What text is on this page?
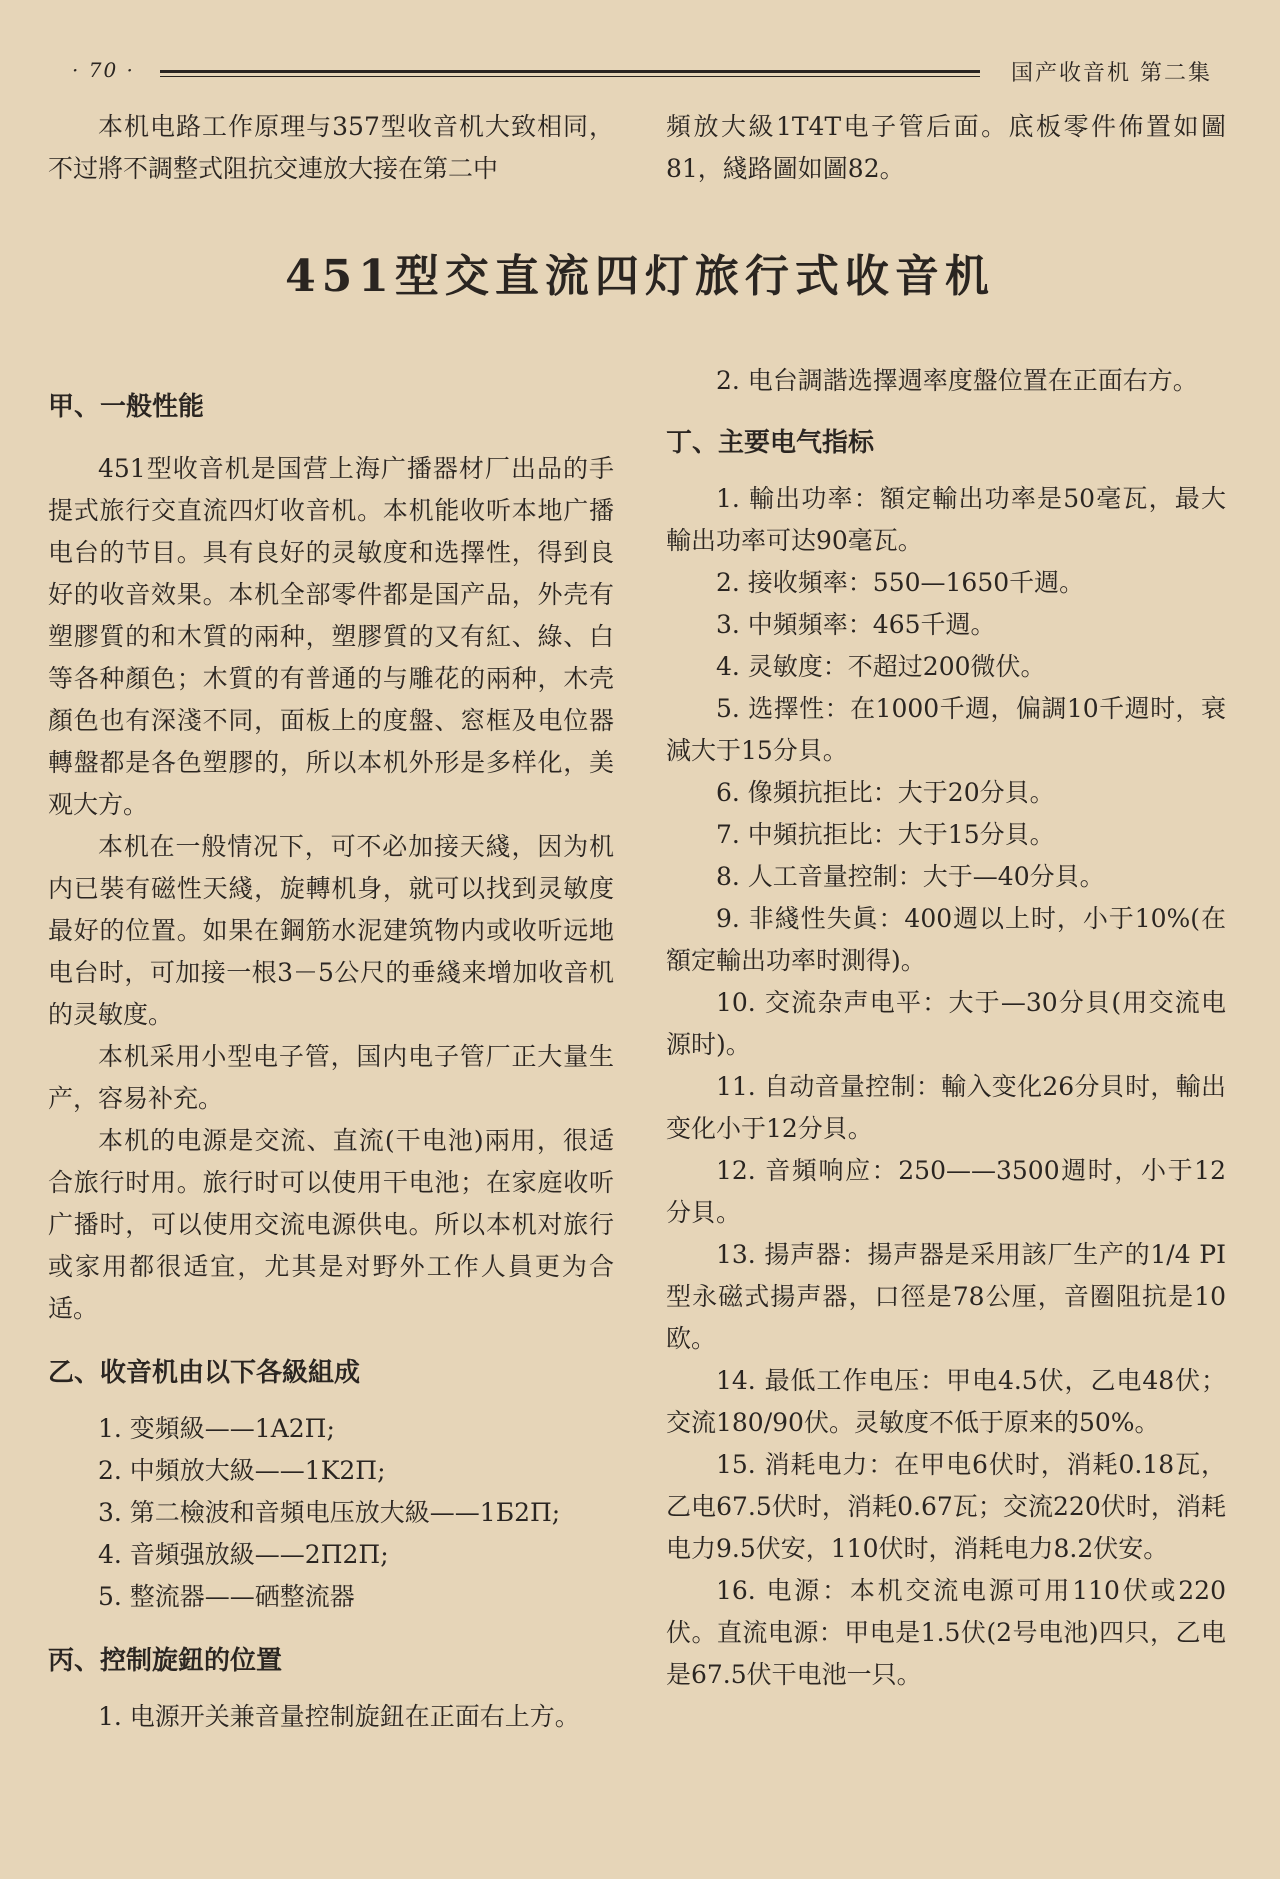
· 70 ·	国产收音机 第二集

本机电路工作原理与357型收音机大致相同，不过將不調整式阻抗交連放大接在第二中

頻放大級1T4T电子管后面。底板零件佈置如圖81，綫路圖如圖82。

451型交直流四灯旅行式收音机

甲、一般性能

451型收音机是国营上海广播器材厂出品的手提式旅行交直流四灯收音机。本机能收听本地广播电台的节目。具有良好的灵敏度和选擇性，得到良好的收音效果。本机全部零件都是国产品，外壳有塑膠質的和木質的兩种，塑膠質的又有紅、綠、白等各种顏色；木質的有普通的与雕花的兩种，木壳顏色也有深淺不同，面板上的度盤、窓框及电位器轉盤都是各色塑膠的，所以本机外形是多样化，美观大方。

本机在一般情况下，可不必加接天綫，因为机内已裝有磁性天綫，旋轉机身，就可以找到灵敏度最好的位置。如果在鋼筋水泥建筑物内或收听远地电台时，可加接一根3－5公尺的垂綫来增加收音机的灵敏度。

本机采用小型电子管，国内电子管厂正大量生产，容易补充。

本机的电源是交流、直流(干电池)兩用，很适合旅行时用。旅行时可以使用干电池；在家庭收听广播时，可以使用交流电源供电。所以本机对旅行或家用都很适宜，尤其是对野外工作人員更为合适。

乙、收音机由以下各級組成

1. 变頻級——1A2Π;

2. 中頻放大級——1K2Π;

3. 第二檢波和音頻电压放大級——1Б2Π;

4. 音頻强放級——2Π2Π;

5. 整流器——硒整流器

丙、控制旋鈕的位置

1. 电源开关兼音量控制旋鈕在正面右上方。

2. 电台調諧选擇週率度盤位置在正面右方。

丁、主要电气指标

1. 輸出功率：額定輸出功率是50毫瓦，最大輸出功率可达90毫瓦。

2. 接收頻率：550—1650千週。

3. 中頻頻率：465千週。

4. 灵敏度：不超过200微伏。

5. 选擇性：在1000千週，偏調10千週时，衰減大于15分貝。

6. 像頻抗拒比：大于20分貝。

7. 中頻抗拒比：大于15分貝。

8. 人工音量控制：大于—40分貝。

9. 非綫性失眞：400週以上时，小于10%(在額定輸出功率时測得)。

10. 交流杂声电平：大于—30分貝(用交流电源时)。

11. 自动音量控制：輸入变化26分貝时，輸出变化小于12分貝。

12. 音頻响应：250——3500週时，小于12分貝。

13. 揚声器：揚声器是采用該厂生产的1/4 PI型永磁式揚声器，口徑是78公厘，音圈阻抗是10欧。

14. 最低工作电压：甲电4.5伏，乙电48伏；交流180/90伏。灵敏度不低于原来的50%。

15. 消耗电力：在甲电6伏时，消耗0.18瓦，乙电67.5伏时，消耗0.67瓦；交流220伏时，消耗电力9.5伏安，110伏时，消耗电力8.2伏安。

16. 电源：本机交流电源可用110伏或220伏。直流电源：甲电是1.5伏(2号电池)四只，乙电是67.5伏干电池一只。
